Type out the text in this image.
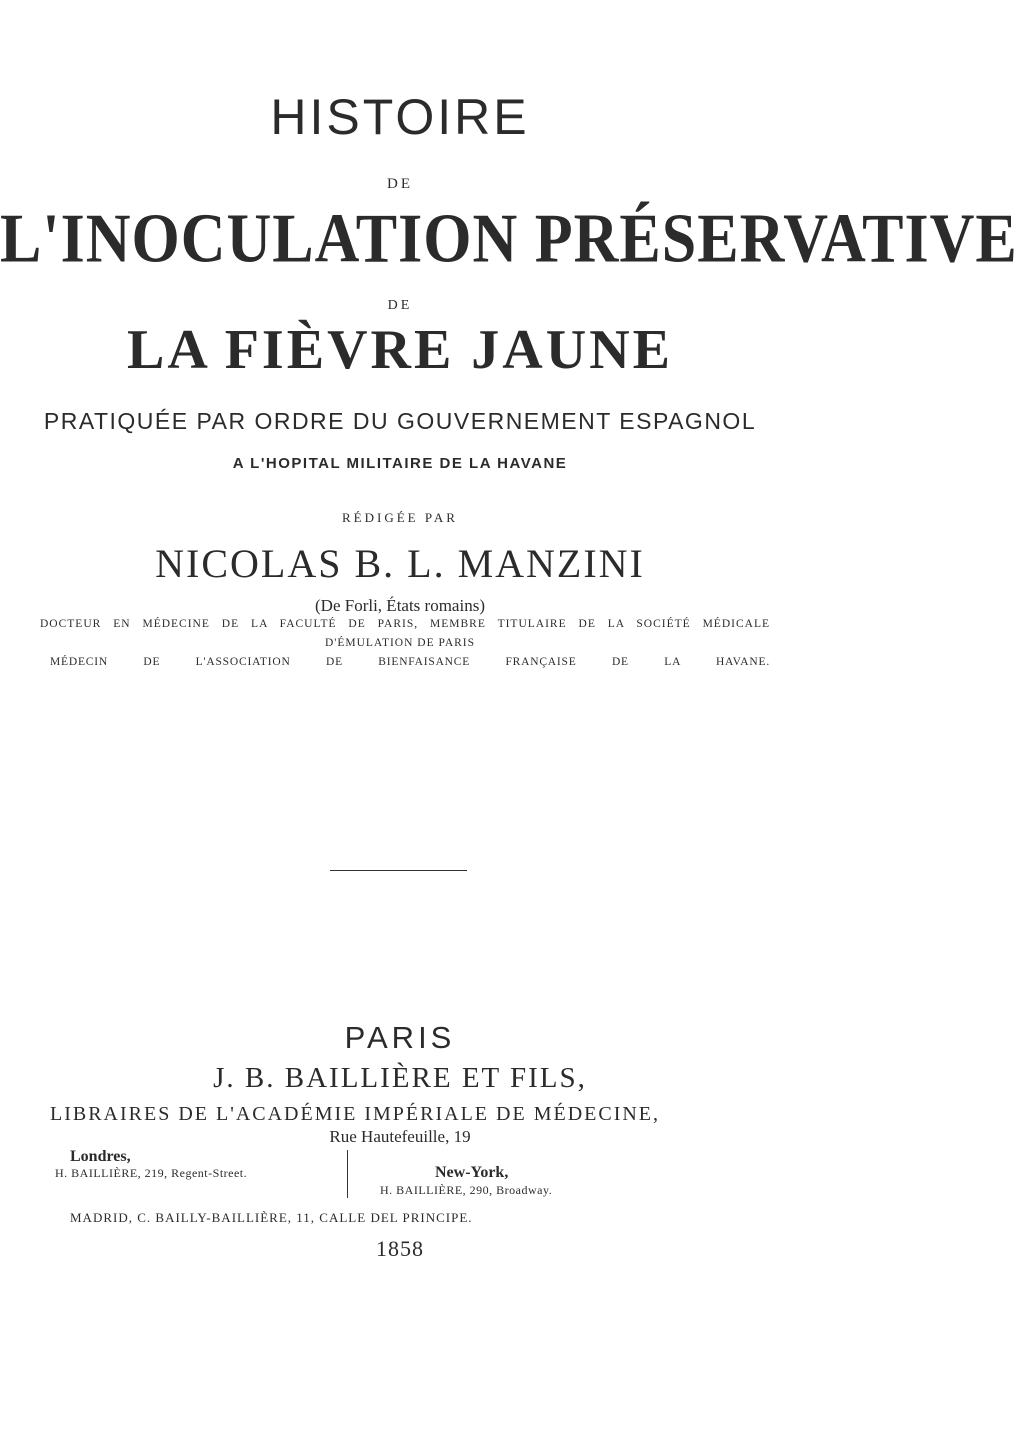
HISTOIRE
DE
L'INOCULATION PRÉSERVATIVE
DE
LA FIÈVRE JAUNE
PRATIQUÉE PAR ORDRE DU GOUVERNEMENT ESPAGNOL
A L'HOPITAL MILITAIRE DE LA HAVANE
RÉDIGÉE PAR
NICOLAS B. L. MANZINI
(De Forli, États romains)
DOCTEUR EN MÉDECINE DE LA FACULTÉ DE PARIS, MEMBRE TITULAIRE DE LA SOCIÉTÉ MÉDICALE
D'ÉMULATION DE PARIS
MÉDECIN DE L'ASSOCIATION DE BIENFAISANCE FRANÇAISE DE LA HAVANE.
PARIS
J. B. BAILLIÈRE ET FILS,
LIBRAIRES DE L'ACADÉMIE IMPÉRIALE DE MÉDECINE,
Rue Hautefeuille, 19
Londres,
H. BAILLIÈRE, 219, Regent-Street.	New-York,
H. BAILLIÈRE, 290, Broadway.
MADRID, C. BAILLY-BAILLIÈRE, 11, CALLE DEL PRINCIPE.
1858
